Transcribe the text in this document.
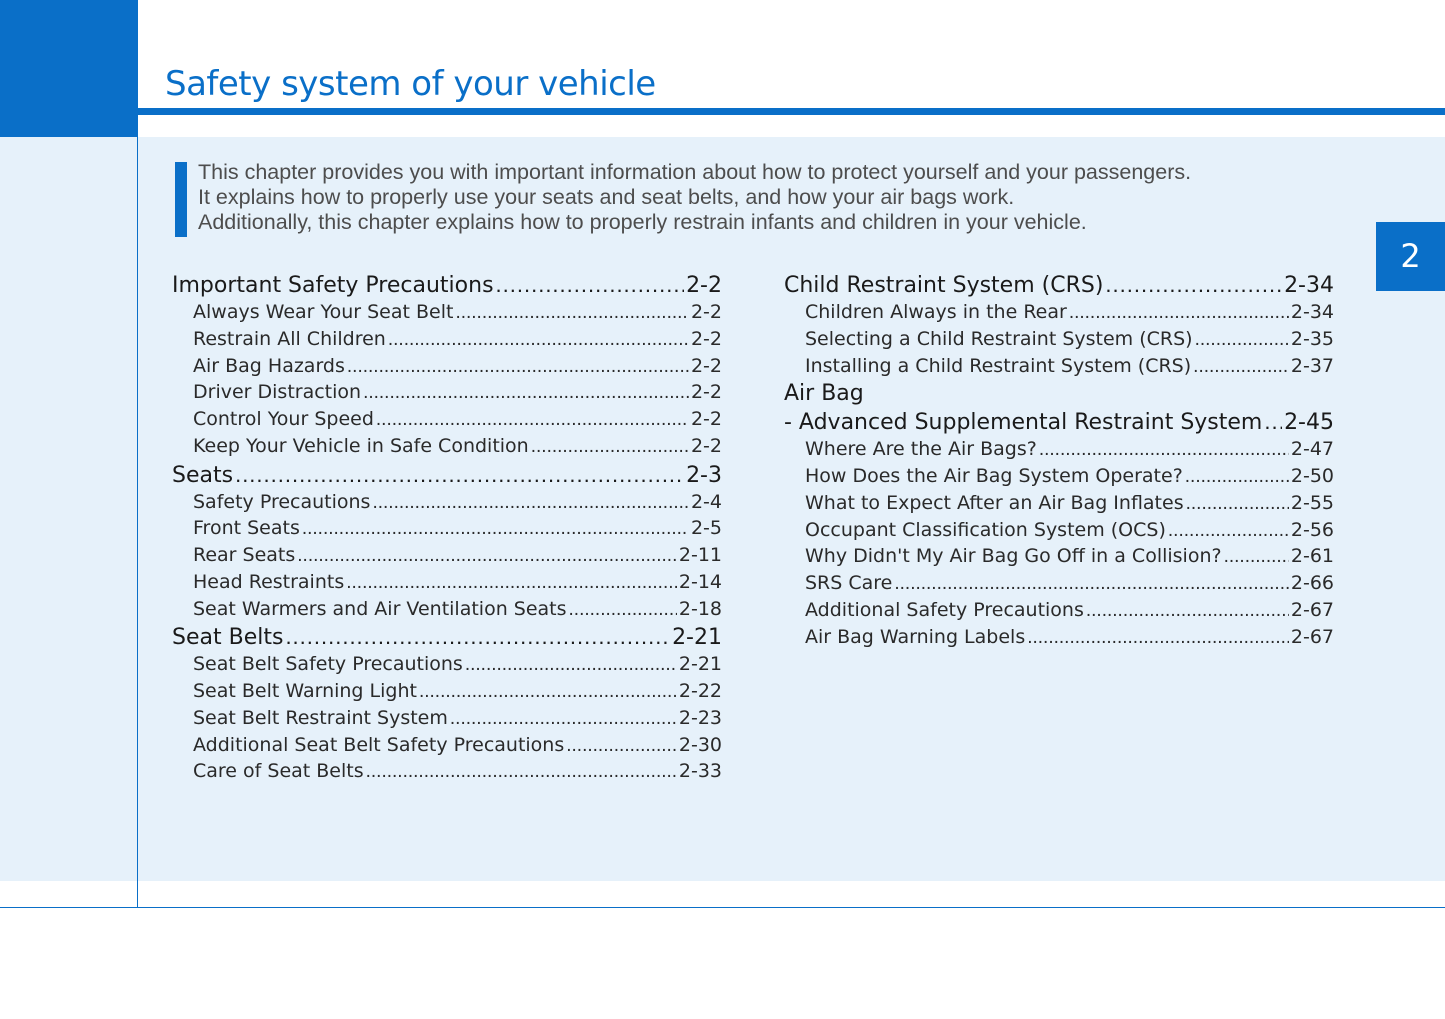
Safety system of your vehicle
This chapter provides you with important information about how to protect yourself and your passengers.
It explains how to properly use your seats and seat belts, and how your air bags work.
Additionally, this chapter explains how to properly restrain infants and children in your vehicle.
2
Important Safety Precautions .....	2-2
Always Wear Your Seat Belt .....	2-2
Restrain All Children .....	2-2
Air Bag Hazards .....	2-2
Driver Distraction .....	2-2
Control Your Speed .....	2-2
Keep Your Vehicle in Safe Condition .....	2-2
Seats .....	2-3
Safety Precautions .....	2-4
Front Seats .....	2-5
Rear Seats .....	2-11
Head Restraints .....	2-14
Seat Warmers and Air Ventilation Seats .....	2-18
Seat Belts .....	2-21
Seat Belt Safety Precautions .....	2-21
Seat Belt Warning Light .....	2-22
Seat Belt Restraint System .....	2-23
Additional Seat Belt Safety Precautions .....	2-30
Care of Seat Belts .....	2-33
Child Restraint System (CRS) .....	2-34
Children Always in the Rear .....	2-34
Selecting a Child Restraint System (CRS) .....	2-35
Installing a Child Restraint System (CRS) .....	2-37
Air Bag
- Advanced Supplemental Restraint System ..... 2-45
Where Are the Air Bags? .....	2-47
How Does the Air Bag System Operate? .....	2-50
What to Expect After an Air Bag Inflates .....	2-55
Occupant Classification System (OCS) .....	2-56
Why Didn't My Air Bag Go Off in a Collision? .....	2-61
SRS Care .....	2-66
Additional Safety Precautions .....	2-67
Air Bag Warning Labels .....	2-67
